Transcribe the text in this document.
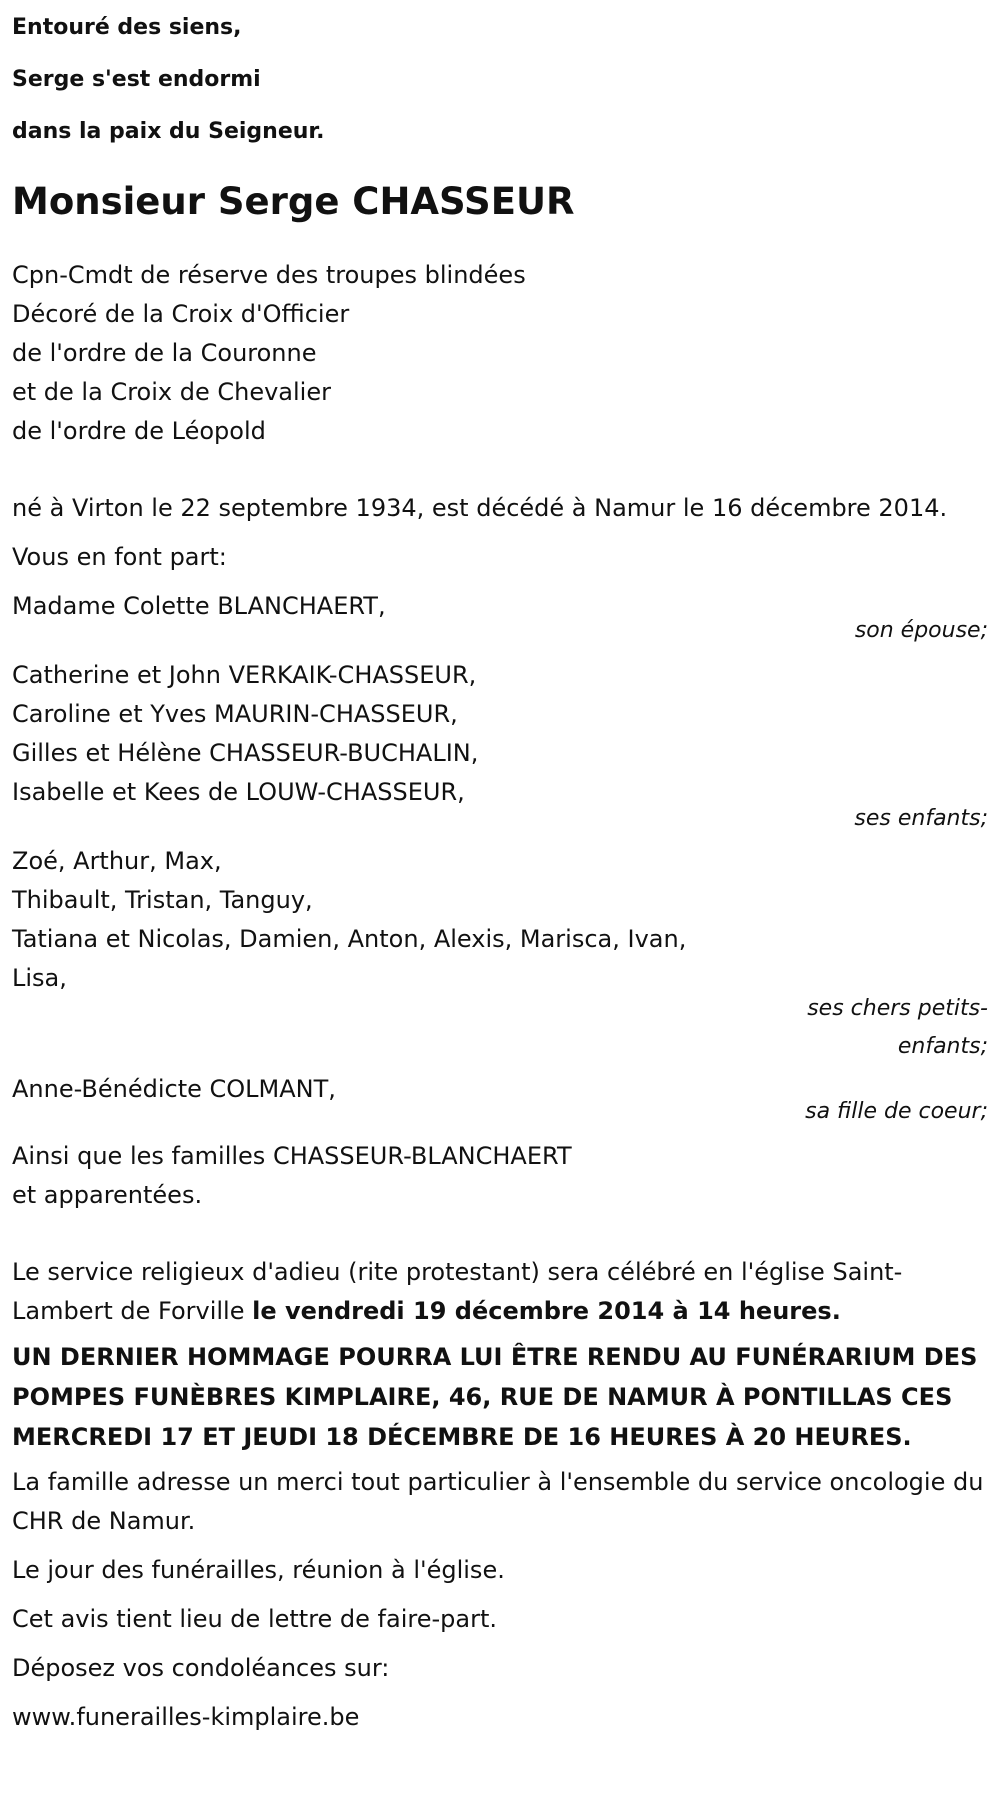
Entouré des siens,
Serge s'est endormi
dans la paix du Seigneur.
Monsieur Serge CHASSEUR

Cpn-Cmdt de réserve des troupes blindées

Décoré de la Croix d'Officier

de l'ordre de la Couronne

et de la Croix de Chevalier

de l'ordre de Léopold

né à Virton le 22 septembre 1934, est décédé à Namur le 16 décembre 2014.

Vous en font part:

Madame Colette BLANCHAERT,

son épouse;

Catherine et John VERKAIK-CHASSEUR,

Caroline et Yves MAURIN-CHASSEUR,

Gilles et Hélène CHASSEUR-BUCHALIN,

Isabelle et Kees de LOUW-CHASSEUR,

ses enfants;

Zoé, Arthur, Max,

Thibault, Tristan, Tanguy,

Tatiana et Nicolas, Damien, Anton, Alexis, Marisca, Ivan,

Lisa,

ses chers petits-enfants;

Anne-Bénédicte COLMANT,

sa fille de coeur;

Ainsi que les familles CHASSEUR-BLANCHAERT

et apparentées.

Le service religieux d'adieu (rite protestant) sera célébré en l'église Saint-Lambert de Forville le vendredi 19 décembre 2014 à 14 heures.

UN DERNIER HOMMAGE POURRA LUI ÊTRE RENDU AU FUNÉRARIUM DES POMPES FUNÈBRES KIMPLAIRE, 46, RUE DE NAMUR À PONTILLAS CES MERCREDI 17 ET JEUDI 18 DÉCEMBRE DE 16 HEURES À 20 HEURES.

La famille adresse un merci tout particulier à l'ensemble du service oncologie du CHR de Namur.

Le jour des funérailles, réunion à l'église.

Cet avis tient lieu de lettre de faire-part.

Déposez vos condoléances sur:

www.funerailles-kimplaire.be
